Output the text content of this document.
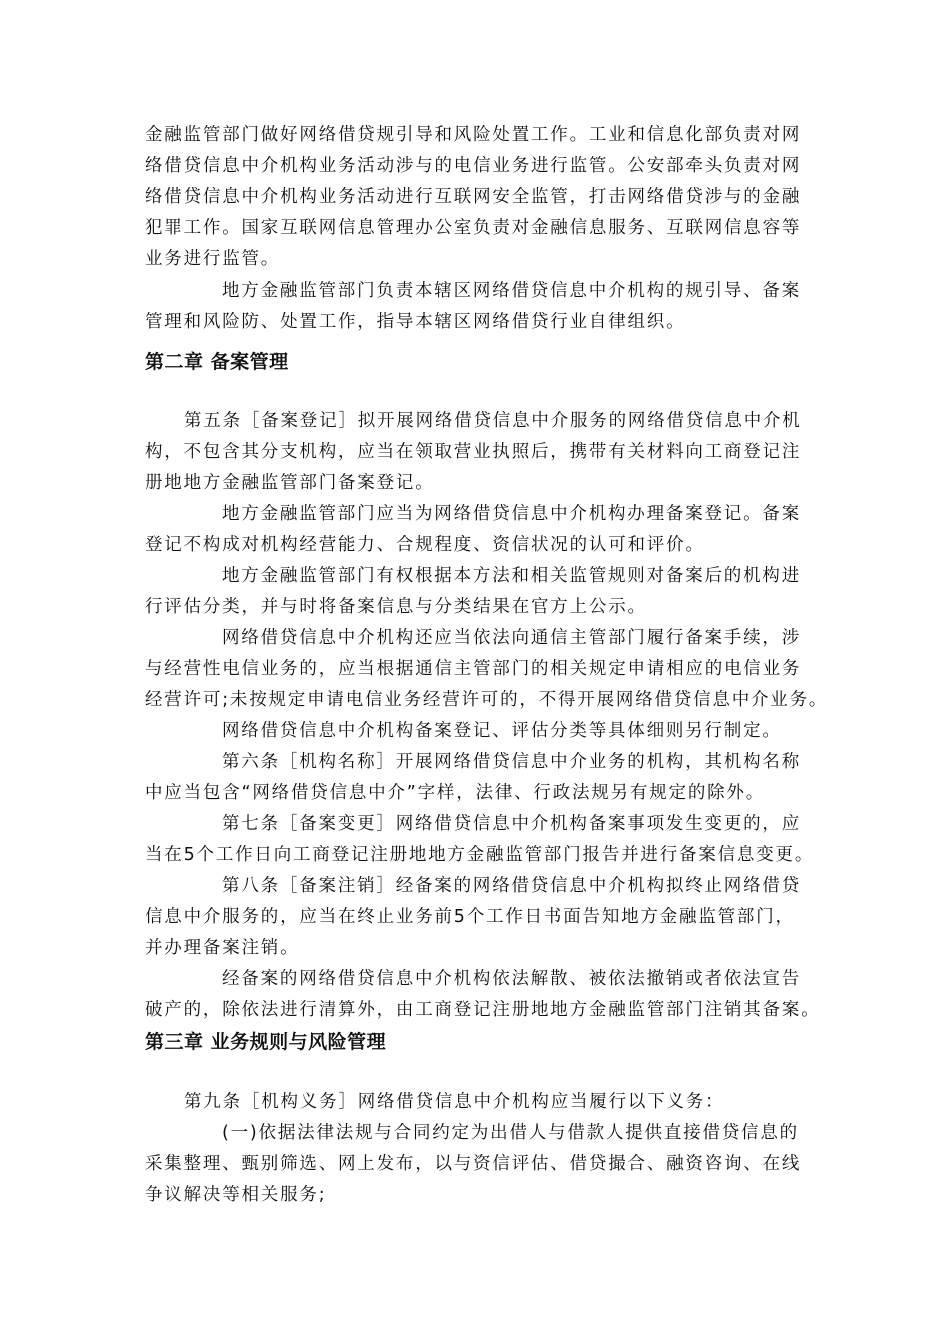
金融监管部门做好网络借贷规引导和风险处置工作。工业和信息化部负责对网
络借贷信息中介机构业务活动涉与的电信业务进行监管。公安部牵头负责对网
络借贷信息中介机构业务活动进行互联网安全监管，打击网络借贷涉与的金融
犯罪工作。国家互联网信息管理办公室负责对金融信息服务、互联网信息容等
业务进行监管。
地方金融监管部门负责本辖区网络借贷信息中介机构的规引导、备案
管理和风险防、处置工作，指导本辖区网络借贷行业自律组织。
第二章 备案管理
第五条［备案登记］拟开展网络借贷信息中介服务的网络借贷信息中介机
构，不包含其分支机构，应当在领取营业执照后，携带有关材料向工商登记注
册地地方金融监管部门备案登记。
地方金融监管部门应当为网络借贷信息中介机构办理备案登记。备案
登记不构成对机构经营能力、合规程度、资信状况的认可和评价。
地方金融监管部门有权根据本方法和相关监管规则对备案后的机构进
行评估分类，并与时将备案信息与分类结果在官方上公示。
网络借贷信息中介机构还应当依法向通信主管部门履行备案手续，涉
与经营性电信业务的，应当根据通信主管部门的相关规定申请相应的电信业务
经营许可;未按规定申请电信业务经营许可的，不得开展网络借贷信息中介业务。
网络借贷信息中介机构备案登记、评估分类等具体细则另行制定。
第六条［机构名称］开展网络借贷信息中介业务的机构，其机构名称
中应当包含“网络借贷信息中介”字样，法律、行政法规另有规定的除外。
第七条［备案变更］网络借贷信息中介机构备案事项发生变更的，应
当在5个工作日向工商登记注册地地方金融监管部门报告并进行备案信息变更。
第八条［备案注销］经备案的网络借贷信息中介机构拟终止网络借贷
信息中介服务的，应当在终止业务前5个工作日书面告知地方金融监管部门，
并办理备案注销。
经备案的网络借贷信息中介机构依法解散、被依法撤销或者依法宣告
破产的，除依法进行清算外，由工商登记注册地地方金融监管部门注销其备案。
第三章 业务规则与风险管理
第九条［机构义务］网络借贷信息中介机构应当履行以下义务：
(一)依据法律法规与合同约定为出借人与借款人提供直接借贷信息的
采集整理、甄别筛选、网上发布，以与资信评估、借贷撮合、融资咨询、在线
争议解决等相关服务;
